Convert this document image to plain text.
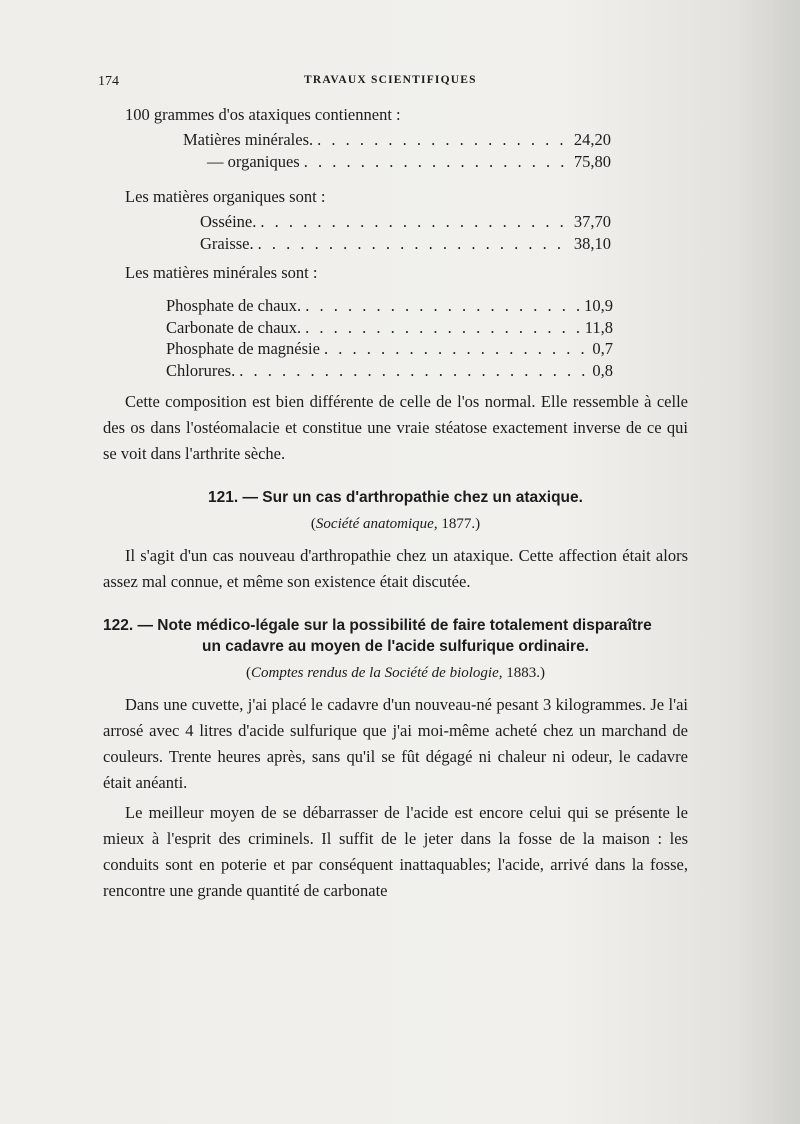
174	TRAVAUX SCIENTIFIQUES

100 grammes d'os ataxiques contiennent :

Matières minérales. . . .	24,20
— organiques . . .	75,80

Les matières organiques sont :

Osséine. . . .	37,70
Graisse. . . .	38,10

Les matières minérales sont :

Phosphate de chaux. . . .	10,9
Carbonate de chaux. . . .	11,8
Phosphate de magnésie . . .	0,7
Chlorures. . . .	0,8

Cette composition est bien différente de celle de l'os normal. Elle ressemble à celle des os dans l'ostéomalacie et constitue une vraie stéatose exactement inverse de ce qui se voit dans l'arthrite sèche.

121. — Sur un cas d'arthropathie chez un ataxique.

(Société anatomique, 1877.)

Il s'agit d'un cas nouveau d'arthropathie chez un ataxique. Cette affection était alors assez mal connue, et même son existence était discutée.

122. — Note médico-légale sur la possibilité de faire totalement disparaître
un cadavre au moyen de l'acide sulfurique ordinaire.

(Comptes rendus de la Société de biologie, 1883.)

Dans une cuvette, j'ai placé le cadavre d'un nouveau-né pesant 3 kilogrammes. Je l'ai arrosé avec 4 litres d'acide sulfurique que j'ai moi-même acheté chez un marchand de couleurs. Trente heures après, sans qu'il se fût dégagé ni chaleur ni odeur, le cadavre était anéanti.

Le meilleur moyen de se débarrasser de l'acide est encore celui qui se présente le mieux à l'esprit des criminels. Il suffit de le jeter dans la fosse de la maison : les conduits sont en poterie et par conséquent inattaquables; l'acide, arrivé dans la fosse, rencontre une grande quantité de carbonate
